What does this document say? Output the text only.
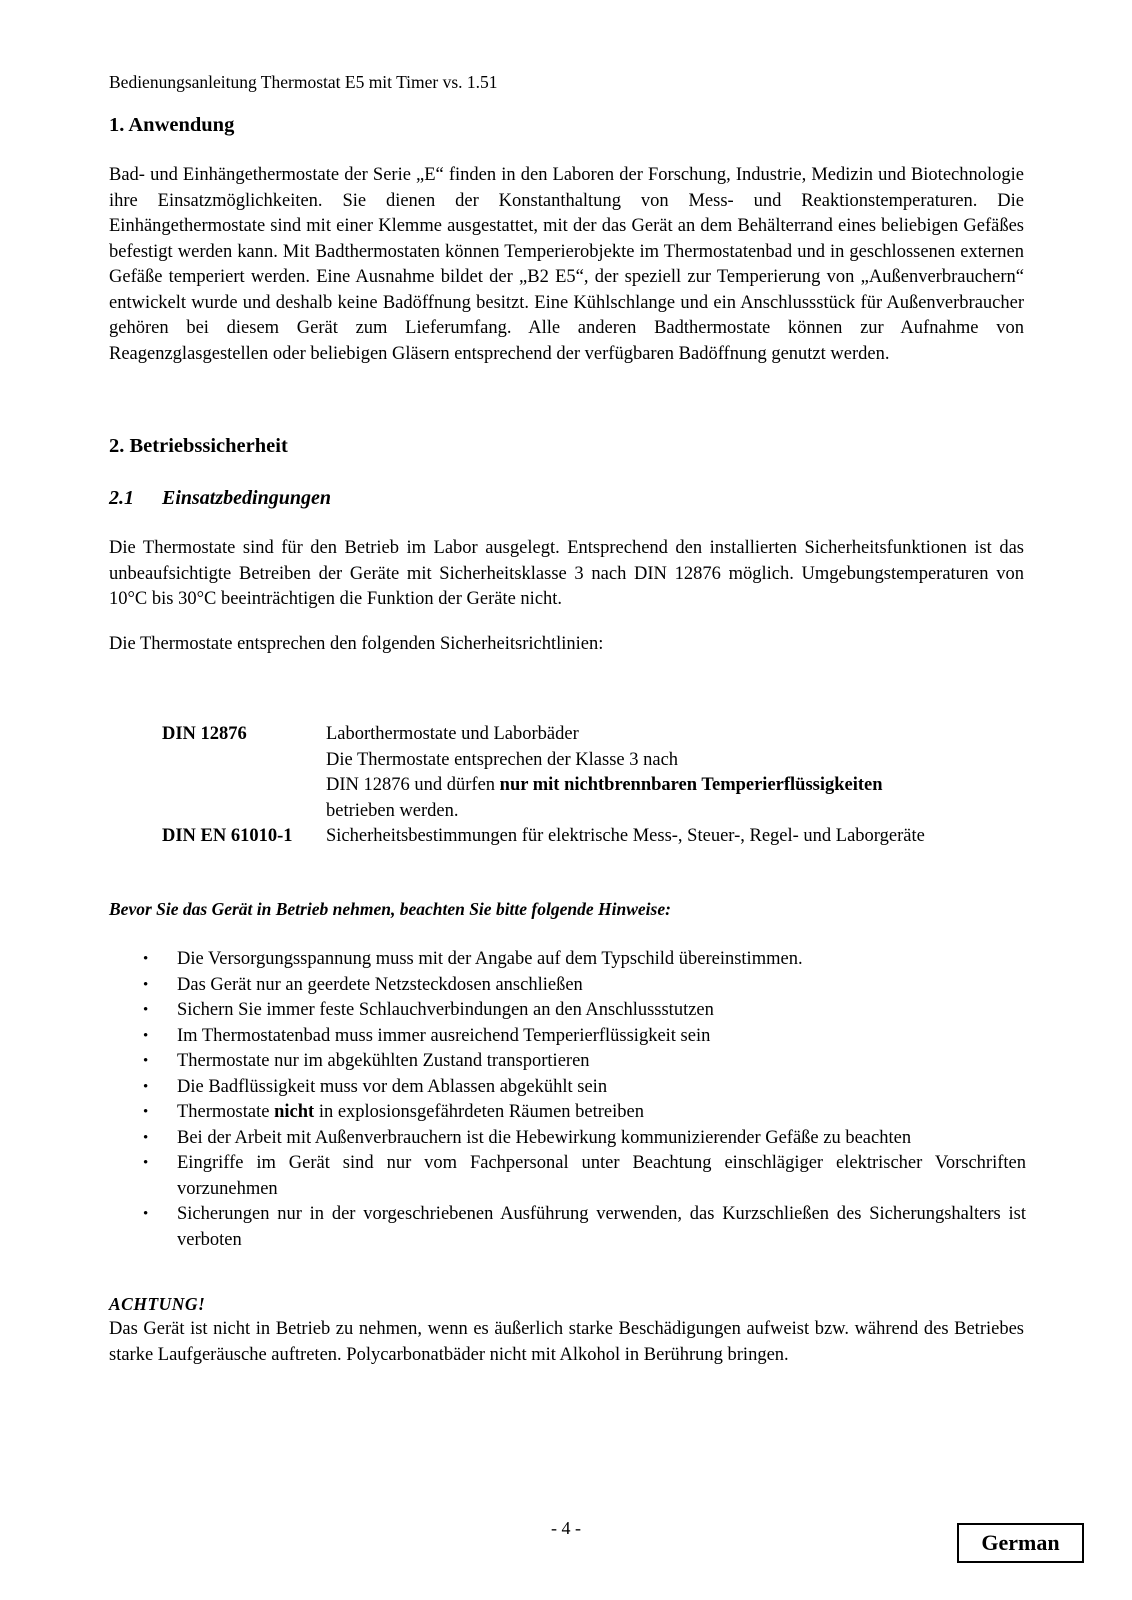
Bedienungsanleitung Thermostat E5 mit Timer vs. 1.51
1. Anwendung
Bad- und Einhängethermostate der Serie „E“ finden in den Laboren der Forschung, Industrie, Medizin und Biotechnologie ihre Einsatzmöglichkeiten. Sie dienen der Konstanthaltung von Mess- und Reaktionstemperaturen. Die Einhängethermostate sind mit einer Klemme ausgestattet, mit der das Gerät an dem Behälterrand eines beliebigen Gefäßes befestigt werden kann. Mit Badthermostaten können Temperierobjekte im Thermostatenbad und in geschlossenen externen Gefäße temperiert werden. Eine Ausnahme bildet der „B2 E5“, der speziell zur Temperierung von „Außenverbrauchern“ entwickelt wurde und deshalb keine Badöffnung besitzt. Eine Kühlschlange und ein Anschlussstück für Außenverbraucher gehören bei diesem Gerät zum Lieferumfang. Alle anderen Badthermostate können zur Aufnahme von Reagenzglasgestellen oder beliebigen Gläsern entsprechend der verfügbaren Badöffnung genutzt werden.
2. Betriebssicherheit
2.1 Einsatzbedingungen
Die Thermostate sind für den Betrieb im Labor ausgelegt. Entsprechend den installierten Sicherheitsfunktionen ist das unbeaufsichtigte Betreiben der Geräte mit Sicherheitsklasse 3 nach DIN 12876 möglich. Umgebungstemperaturen von 10°C bis 30°C beeinträchtigen die Funktion der Geräte nicht.
Die Thermostate entsprechen den folgenden Sicherheitsrichtlinien:
DIN 12876	Laborthermostate und Laborbäder
Die Thermostate entsprechen der Klasse 3 nach
DIN 12876 und dürfen nur mit nichtbrennbaren Temperierflüssigkeiten
betrieben werden.

DIN EN 61010-1	Sicherheitsbestimmungen für elektrische Mess-, Steuer-, Regel- und Laborgeräte
Bevor Sie das Gerät in Betrieb nehmen, beachten Sie bitte folgende Hinweise:
• Die Versorgungsspannung muss mit der Angabe auf dem Typschild übereinstimmen.
• Das Gerät nur an geerdete Netzsteckdosen anschließen
• Sichern Sie immer feste Schlauchverbindungen an den Anschlussstutzen
• Im Thermostatenbad muss immer ausreichend Temperierflüssigkeit sein
• Thermostate nur im abgekühlten Zustand transportieren
• Die Badflüssigkeit muss vor dem Ablassen abgekühlt sein
• Thermostate nicht in explosionsgefährdeten Räumen betreiben
• Bei der Arbeit mit Außenverbrauchern ist die Hebewirkung kommunizierender Gefäße zu beachten
• Eingriffe im Gerät sind nur vom Fachpersonal unter Beachtung einschlägiger elektrischer Vorschriften vorzunehmen
• Sicherungen nur in der vorgeschriebenen Ausführung verwenden, das Kurzschließen des Sicherungshalters ist verboten
ACHTUNG!
Das Gerät ist nicht in Betrieb zu nehmen, wenn es äußerlich starke Beschädigungen aufweist bzw. während des Betriebes starke Laufgeräusche auftreten. Polycarbonatbäder nicht mit Alkohol in Berührung bringen.
- 4 -
German
